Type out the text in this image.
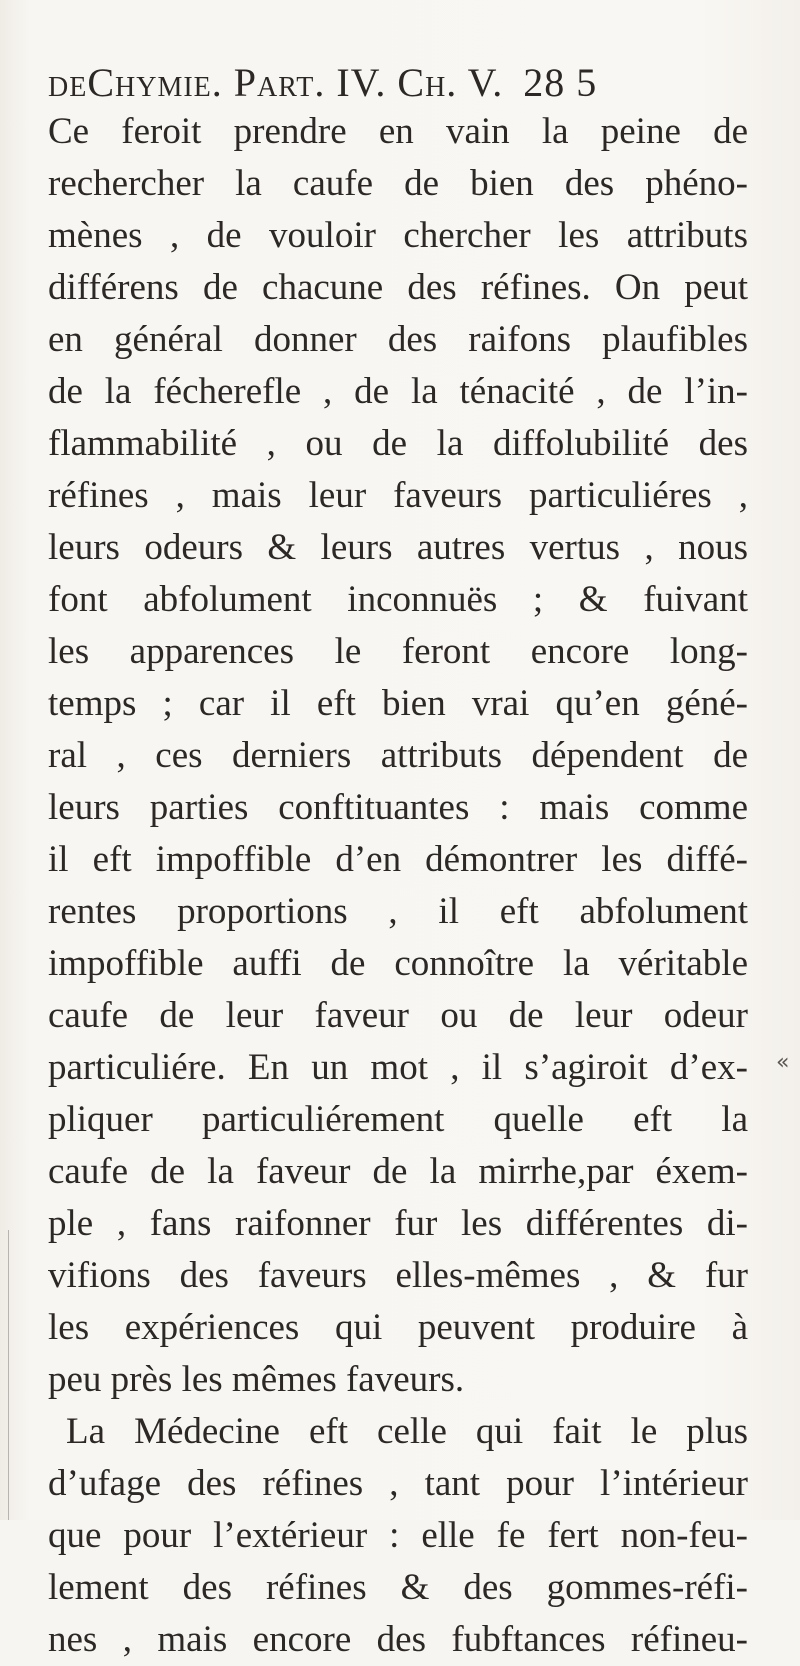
deChymie. Part. IV. Ch. V. 28 5
Ce feroit prendre en vain la peine de
rechercher la caufe de bien des phéno-
mènes , de vouloir chercher les attributs
différens de chacune des réfines. On peut
en général donner des raifons plaufibles
de la fécherefle , de la ténacité , de l’in-
flammabilité , ou de la diffolubilité des
réfines , mais leur faveurs particuliéres ,
leurs odeurs & leurs autres vertus , nous
font abfolument inconnuës ; & fuivant
les apparences le feront encore long-
temps ; car il eft bien vrai qu’en géné-
ral , ces derniers attributs dépendent de
leurs parties conftituantes : mais comme
il eft impoffible d’en démontrer les diffé-
rentes proportions , il eft abfolument
impoffible auffi de connoître la véritable
caufe de leur faveur ou de leur odeur
particuliére. En un mot , il s’agiroit d’ex-
pliquer particuliérement quelle eft la
caufe de la faveur de la mirrhe,par éxem-
ple , fans raifonner fur les différentes di-
vifions des faveurs elles-mêmes , & fur
les expériences qui peuvent produire à
peu près les mêmes faveurs.
La Médecine eft celle qui fait le plus
d’ufage des réfines , tant pour l’intérieur
que pour l’extérieur : elle fe fert non-feu-
lement des réfines & des gommes-réfi-
nes , mais encore des fubftances réfineu-
«
